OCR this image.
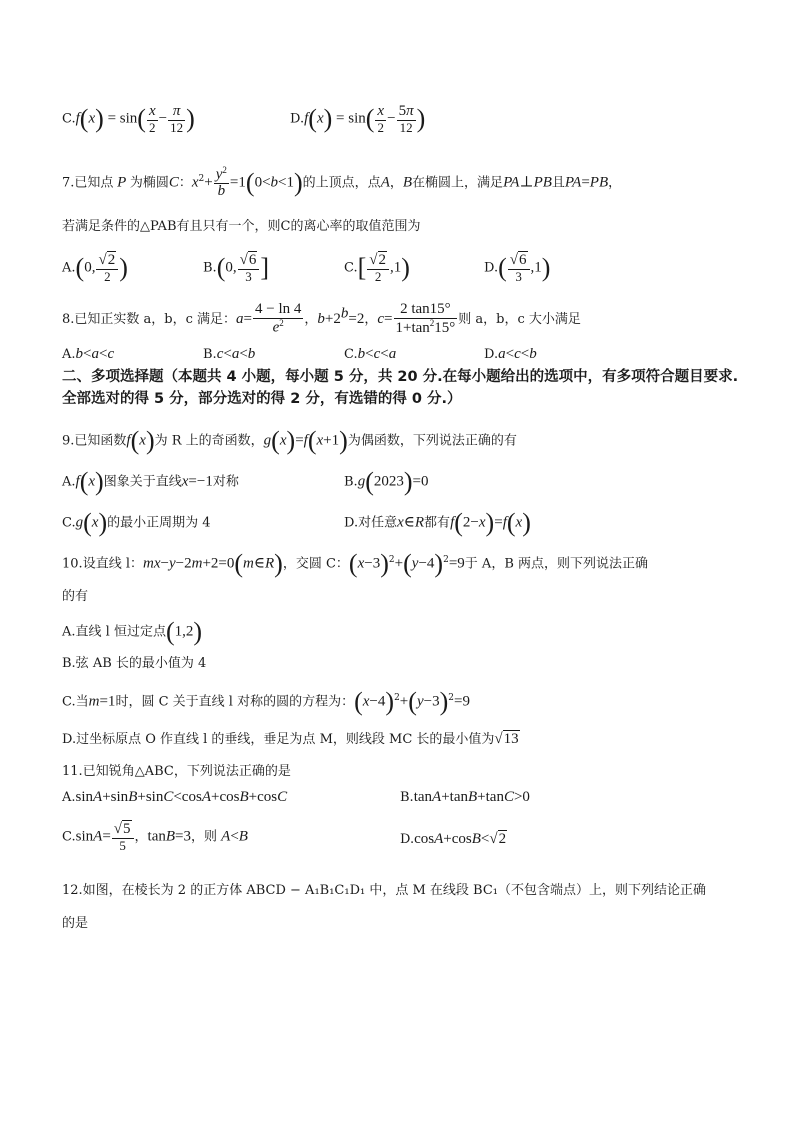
$C.f(x) = \sin( \frac{x}{2} - \frac{\pi}{12}$ )	$D.f(x) = \sin( \frac{x}{2} - \frac{5\pi}{12}$ )
7.已知点 P 为椭圆C：$x^2+ \frac{y^2}{b} =1(0<b<1)$的上顶点，点A，B在椭圆上，满足PA⊥PB且PA=PB，
若满足条件的△PAB有且只有一个，则C的离心率的取值范围为
A.(0, $\frac{√2}{2}$ )	B.(0, $\frac{√6}{3}$ ]	$C.[ \frac{√2}{2} ,1)$	$D.( \frac{√6}{3} ,1)$
8.已知正实数 a，b，c 满足：$a= \frac{4 - \ln 4}{e^2}$ ，$b+2^b=2$，$c= \frac{2 \tan 15^\circ}{1+\tan^215^\circ}$ 则 a，b，c 大小满足
A.b<a<c	B.c<a<b	C.b<c<a	D.a<c<b
二、多项选择题（本题共 4 小题，每小题 5 分，共 20 分.在每小题给出的选项中，有多项符合题目要求.全部选对的得 5 分，部分选对的得 2 分，有选错的得 0 分.）
9.已知函数f(x)为 R 上的奇函数，g(x)=f(x+1)为偶函数，下列说法正确的有
A.f(x)图象关于直线x=−1对称	B.g(2023)=0
C.g(x)的最小正周期为 4	D.对任意x∈R都有f(2−x)=f(x)
10.设直线 l：mx−y−2m+2=0(m∈R)，交圆 C：$(x-3)^2+(y-4)^2=9$于 A，B 两点，则下列说法正确
的有
A.直线 l 恒过定点(1,2)
B.弦 AB 长的最小值为 4
C.当m=1时，圆 C 关于直线 l 对称的圆的方程为：$(x-4)^2+(y-3)^2=9$
D.过坐标原点 O 作直线 l 的垂线，垂足为点 M，则线段 MC 长的最小值为√13
11.已知锐角△ABC，下列说法正确的是
A.sinA+sinB+sinC<cosA+cosB+cosC	B.tanA+tanB+tanC>0
$C.\sin A= \frac{√5}{5}$ ，tanB=3，则 A<B	D.cosA+cosB<√2
12.如图，在棱长为 2 的正方体 ABCD − A₁B₁C₁D₁ 中，点 M 在线段 BC₁（不包含端点）上，则下列结论正确
的是
